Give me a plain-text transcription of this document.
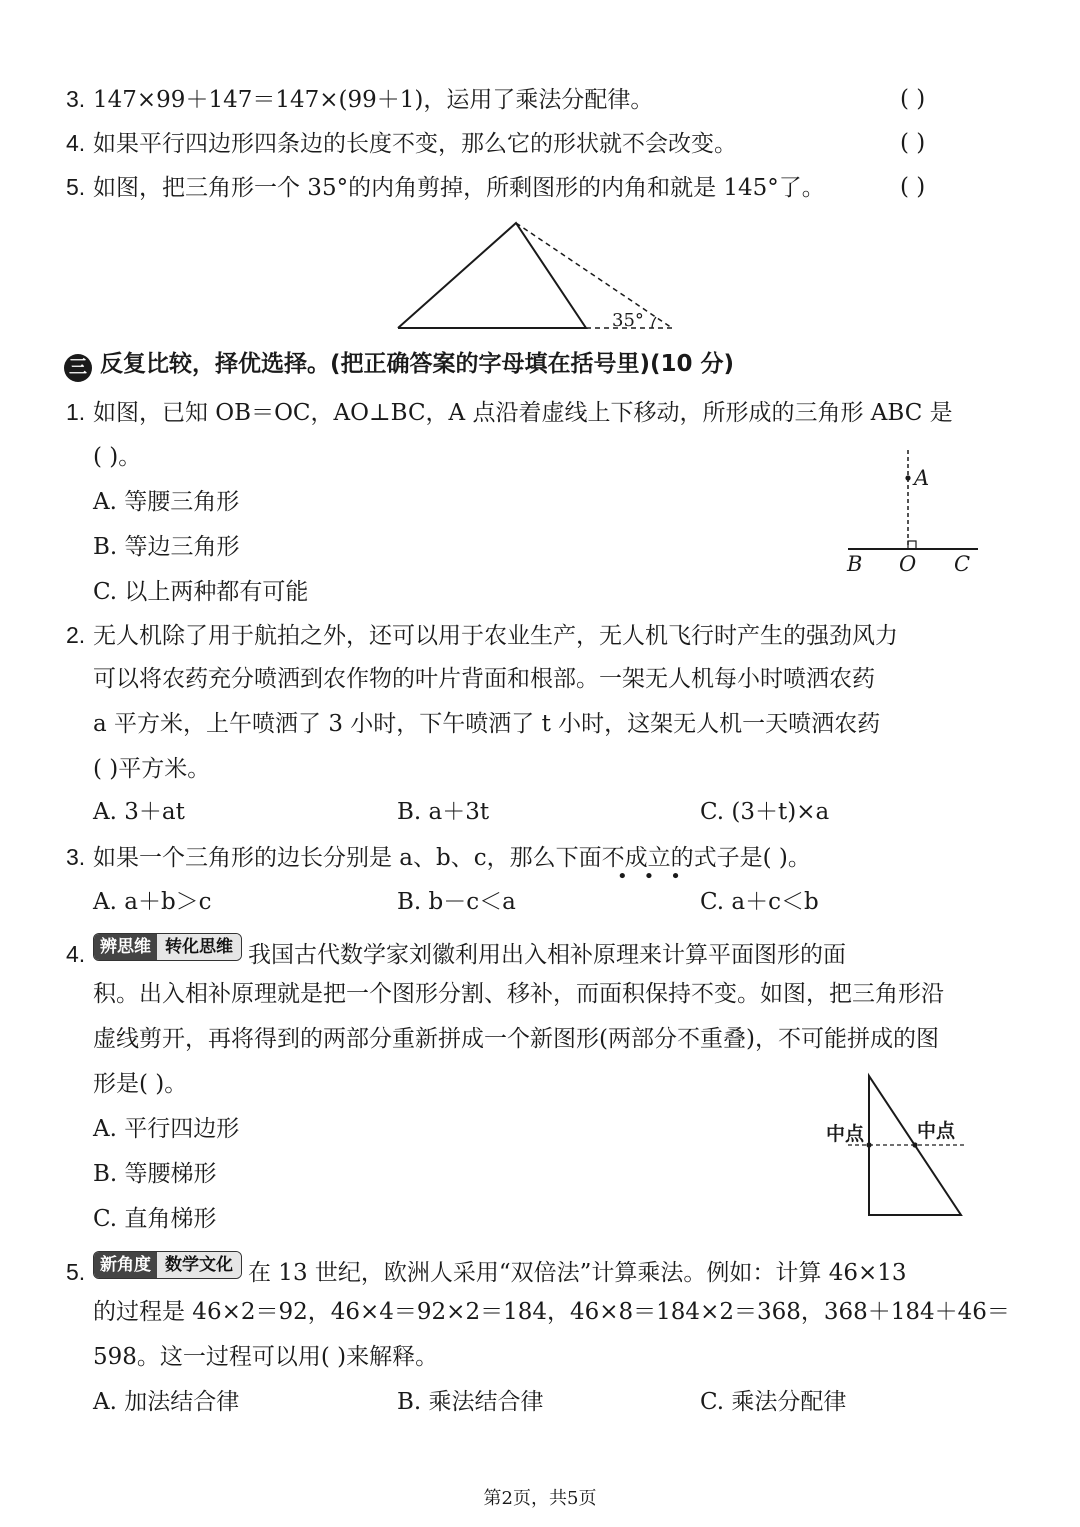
3. 147×99＋147＝147×(99＋1)，运用了乘法分配律。	( )
4. 如果平行四边形四条边的长度不变，那么它的形状就不会改变。	( )
5. 如图，把三角形一个 35°的内角剪掉，所剩图形的内角和就是 145°了。	( )
35°
三 反复比较，择优选择。(把正确答案的字母填在括号里)(10 分)
1. 如图，已知 OB＝OC，AO⊥BC，A 点沿着虚线上下移动，所形成的三角形 ABC 是
( )。
A. 等腰三角形
B. 等边三角形
C. 以上两种都有可能
A
B O C
2. 无人机除了用于航拍之外，还可以用于农业生产，无人机飞行时产生的强劲风力
可以将农药充分喷洒到农作物的叶片背面和根部。一架无人机每小时喷洒农药
a 平方米，上午喷洒了 3 小时，下午喷洒了 t 小时，这架无人机一天喷洒农药
( )平方米。
A. 3＋at	B. a＋3t	C. (3＋t)×a
3. 如果一个三角形的边长分别是 a、b、c，那么下面不成立的式子是( )。
•••
A. a＋b＞c	B. b－c＜a	C. a＋c＜b
4. 辨思维 转化思维 我国古代数学家刘徽利用出入相补原理来计算平面图形的面
积。出入相补原理就是把一个图形分割、移补，而面积保持不变。如图，把三角形沿
虚线剪开，再将得到的两部分重新拼成一个新图形(两部分不重叠)，不可能拼成的图
形是( )。
A. 平行四边形
B. 等腰梯形
C. 直角梯形
中点	中点
5. 新角度 数学文化 在 13 世纪，欧洲人采用“双倍法”计算乘法。例如：计算 46×13
的过程是 46×2＝92，46×4＝92×2＝184，46×8＝184×2＝368，368＋184＋46＝
598。这一过程可以用( )来解释。
A. 加法结合律	B. 乘法结合律	C. 乘法分配律
第2页，共5页
